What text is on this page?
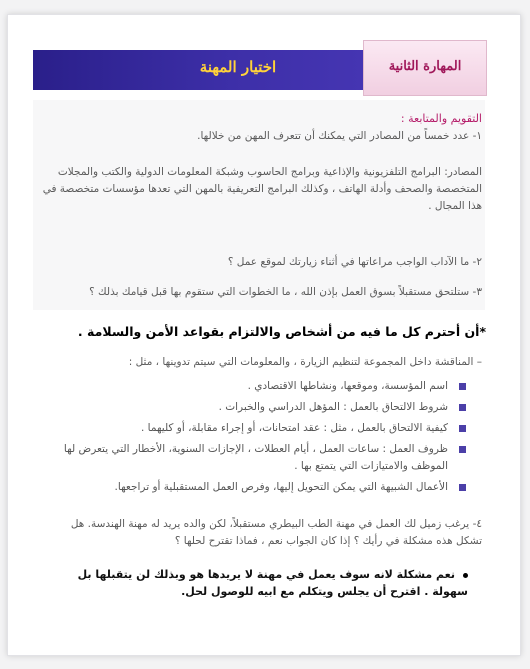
اختيار المهنة	المهارة الثانية
التقويم والمتابعة :
١- عدد خمساً من المصادر التي يمكنك أن تتعرف المهن من خلالها.
المصادر: البرامج التلفزيونية والإذاعية وبرامج الحاسوب وشبكة المعلومات الدولية والكتب والمجلات المتخصصة والصحف وأدلة الهاتف ، وكذلك البرامج التعريفية بالمهن التي تعدها مؤسسات متخصصة في هذا المجال .
٢- ما الآداب الواجب مراعاتها في أثناء زيارتك لموقع عمل ؟
٣- ستلتحق مستقبلاً بسوق العمل بإذن الله ، ما الخطوات التي ستقوم بها قبل قيامك بذلك ؟
*أن أحترم كل ما فيه من أشخاص والالتزام بقواعد الأمن والسلامة .
– المناقشة داخل المجموعة لتنظيم الزيارة ، والمعلومات التي سيتم تدوينها ، مثل :
اسم المؤسسة، وموقعها، ونشاطها الاقتصادي .
شروط الالتحاق بالعمل : المؤهل الدراسي والخبرات .
كيفية الالتحاق بالعمل ، مثل : عقد امتحانات، أو إجراء مقابلة، أو كليهما .
ظروف العمل : ساعات العمل ، أيام العطلات ، الإجازات السنوية، الأخطار التي يتعرض لها الموظف والامتيازات التي يتمتع بها .
الأعمال الشبيهة التي يمكن التحويل إليها، وفرص العمل المستقبلية أو تراجعها.
٤- يرغب زميل لك العمل في مهنة الطب البيطري مستقبلاً، لكن والده يريد له مهنة الهندسة. هل تشكل هذه مشكلة في رأيك ؟ إذا كان الجواب نعم ، فماذا تقترح لحلها ؟
نعم مشكلة لانه سوف يعمل في مهنة لا يريدها هو وبذلك لن يتقبلها بل سهولة . اقترح أن يجلس ويتكلم مع ابيه للوصول لحل.
